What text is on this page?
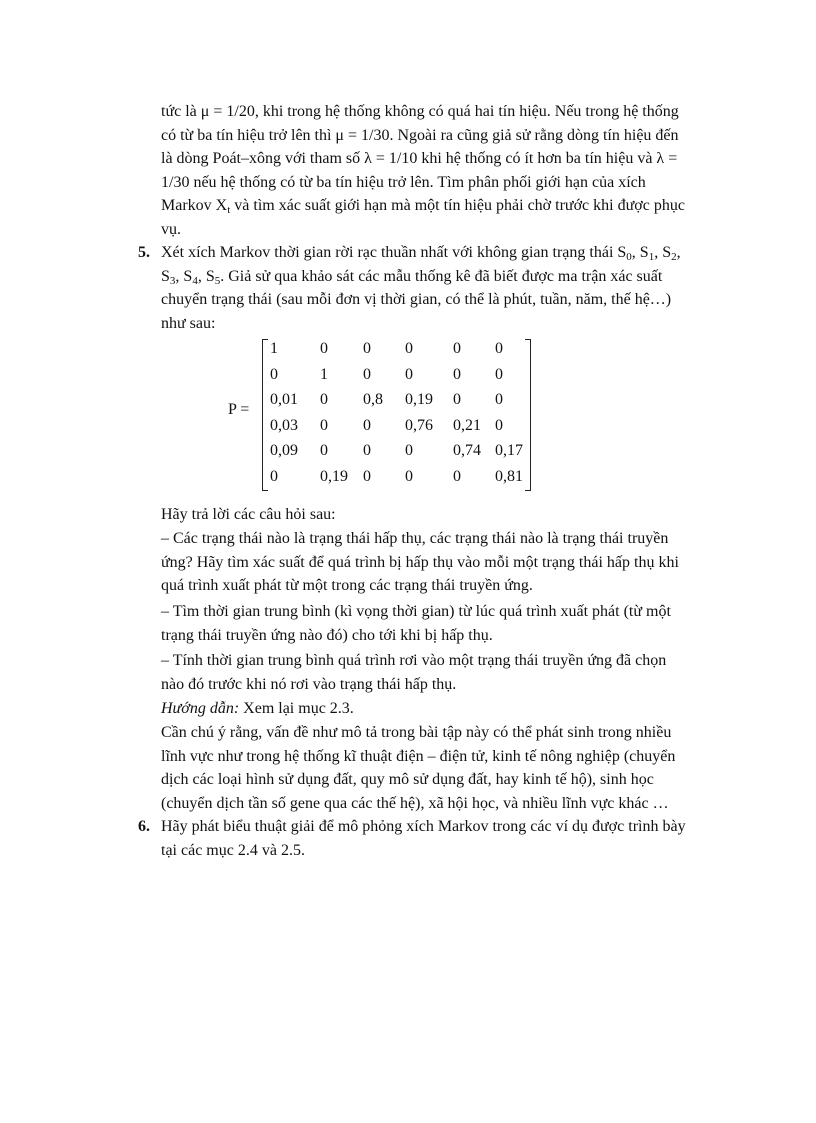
tức là μ = 1/20, khi trong hệ thống không có quá hai tín hiệu. Nếu trong hệ thống
có từ ba tín hiệu trở lên thì μ = 1/30. Ngoài ra cũng giả sử rằng dòng tín hiệu đến
là dòng Poát–xông với tham số λ = 1/10 khi hệ thống có ít hơn ba tín hiệu và λ =
1/30 nếu hệ thống có từ ba tín hiệu trở lên. Tìm phân phối giới hạn của xích
Markov $X_t$ và tìm xác suất giới hạn mà một tín hiệu phải chờ trước khi được phục
vụ.
5. Xét xích Markov thời gian rời rạc thuần nhất với không gian trạng thái $S_0$, $S_1$, $S_2$,
$S_3$, $S_4$, $S_5$. Giả sử qua khảo sát các mẫu thống kê đã biết được ma trận xác suất
chuyển trạng thái (sau mỗi đơn vị thời gian, có thể là phút, tuần, năm, thế hệ…)
như sau:
P =
1	0 0 0	0 0
0	1 0 0	0 0
0,01 0 0,8 0,19 0 0
0,03 0 0 0,76 0,21 0
0,09 0 0 0	0,74 0,17
0	0,19 0 0	0 0,81
Hãy trả lời các câu hỏi sau:
– Các trạng thái nào là trạng thái hấp thụ, các trạng thái nào là trạng thái truyền
ứng? Hãy tìm xác suất để quá trình bị hấp thụ vào mỗi một trạng thái hấp thụ khi
quá trình xuất phát từ một trong các trạng thái truyền ứng.
– Tìm thời gian trung bình (kì vọng thời gian) từ lúc quá trình xuất phát (từ một
trạng thái truyền ứng nào đó) cho tới khi bị hấp thụ.
– Tính thời gian trung bình quá trình rơi vào một trạng thái truyền ứng đã chọn
nào đó trước khi nó rơi vào trạng thái hấp thụ.
Hướng dẫn: Xem lại mục 2.3.
Cần chú ý rằng, vấn đề như mô tả trong bài tập này có thể phát sinh trong nhiều
lĩnh vực như trong hệ thống kĩ thuật điện – điện tử, kinh tế nông nghiệp (chuyển
dịch các loại hình sử dụng đất, quy mô sử dụng đất, hay kinh tế hộ), sinh học
(chuyển dịch tần số gene qua các thế hệ), xã hội học, và nhiều lĩnh vực khác …
6. Hãy phát biểu thuật giải để mô phỏng xích Markov trong các ví dụ được trình bày
tại các mục 2.4 và 2.5.
